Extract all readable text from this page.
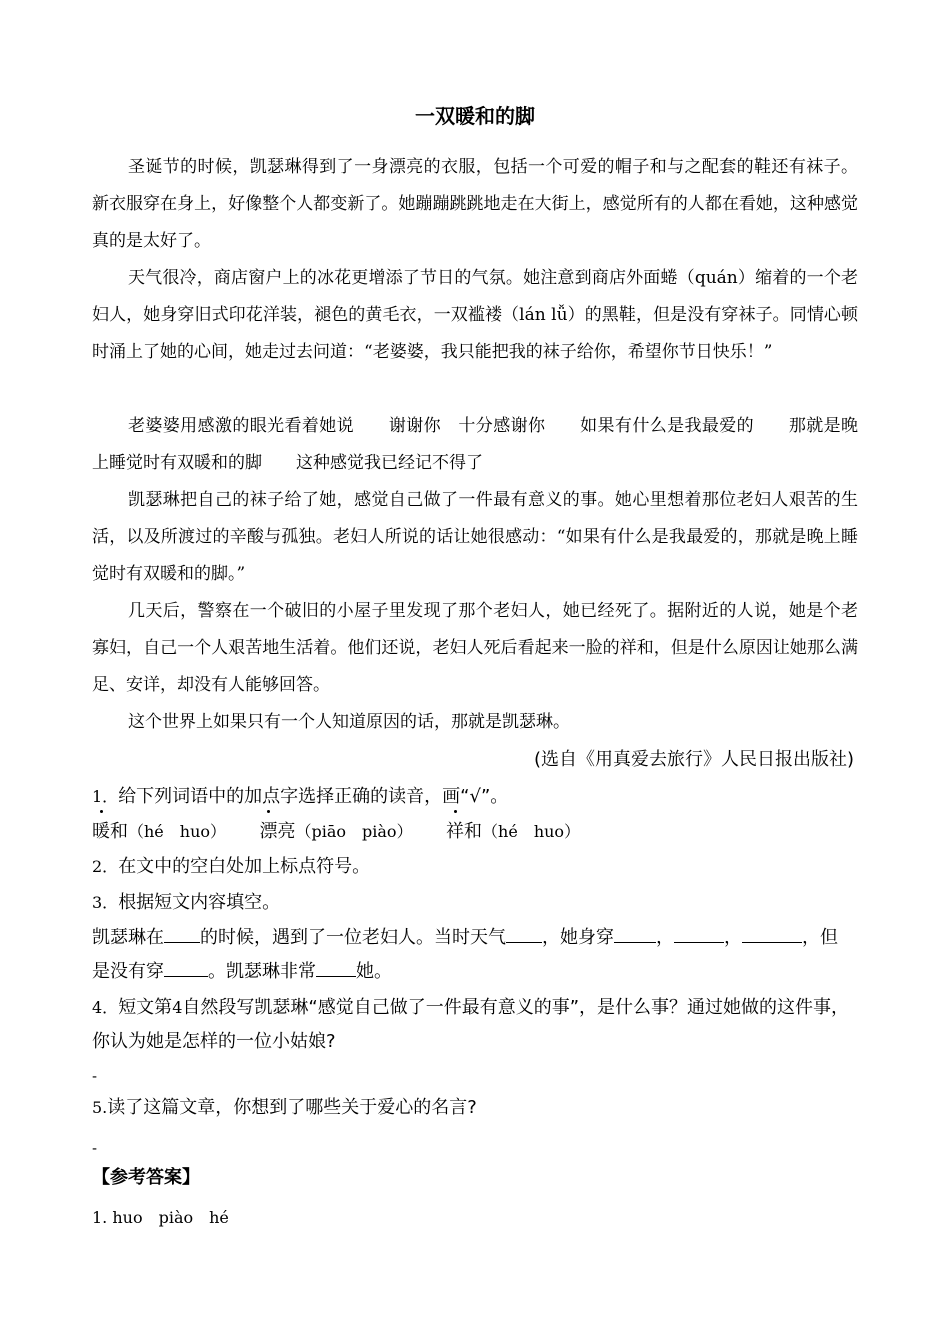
一双暖和的脚
圣诞节的时候，凯瑟琳得到了一身漂亮的衣服，包括一个可爱的帽子和与之配套的鞋还有袜子。新衣服穿在身上，好像整个人都变新了。她蹦蹦跳跳地走在大街上，感觉所有的人都在看她，这种感觉真的是太好了。
天气很冷，商店窗户上的冰花更增添了节日的气氛。她注意到商店外面蜷（quán）缩着的一个老妇人，她身穿旧式印花洋装，褪色的黄毛衣，一双褴褛（lán lǚ）的黑鞋，但是没有穿袜子。同情心顿时涌上了她的心间，她走过去问道：“老婆婆，我只能把我的袜子给你，希望你节日快乐！”
老婆婆用感激的眼光看着她说　　谢谢你　十分感谢你　　如果有什么是我最爱的　　那就是晚上睡觉时有双暖和的脚　　这种感觉我已经记不得了
凯瑟琳把自己的袜子给了她，感觉自己做了一件最有意义的事。她心里想着那位老妇人艰苦的生活，以及所渡过的辛酸与孤独。老妇人所说的话让她很感动：“如果有什么是我最爱的，那就是晚上睡觉时有双暖和的脚。”
几天后，警察在一个破旧的小屋子里发现了那个老妇人，她已经死了。据附近的人说，她是个老寡妇，自己一个人艰苦地生活着。他们还说，老妇人死后看起来一脸的祥和，但是什么原因让她那么满足、安详，却没有人能够回答。
这个世界上如果只有一个人知道原因的话，那就是凯瑟琳。
(选自《用真爱去旅行》人民日报出版社)
1．给下列词语中的加点字选择正确的读音，画“√”。
暖和（hé　huo） 漂亮（piāo　piào） 祥和（hé　huo）
2．在文中的空白处加上标点符号。
3．根据短文内容填空。
凯瑟琳在 的时候，遇到了一位老妇人。当时天气 ，她身穿 ，	，	，但
是没有穿 。凯瑟琳非常 她。
4．短文第4自然段写凯瑟琳“感觉自己做了一件最有意义的事”，是什么事？通过她做的这件事，你认为她是怎样的一位小姑娘?
-
5.读了这篇文章，你想到了哪些关于爱心的名言?
-
【参考答案】
1. huo　piào　hé
